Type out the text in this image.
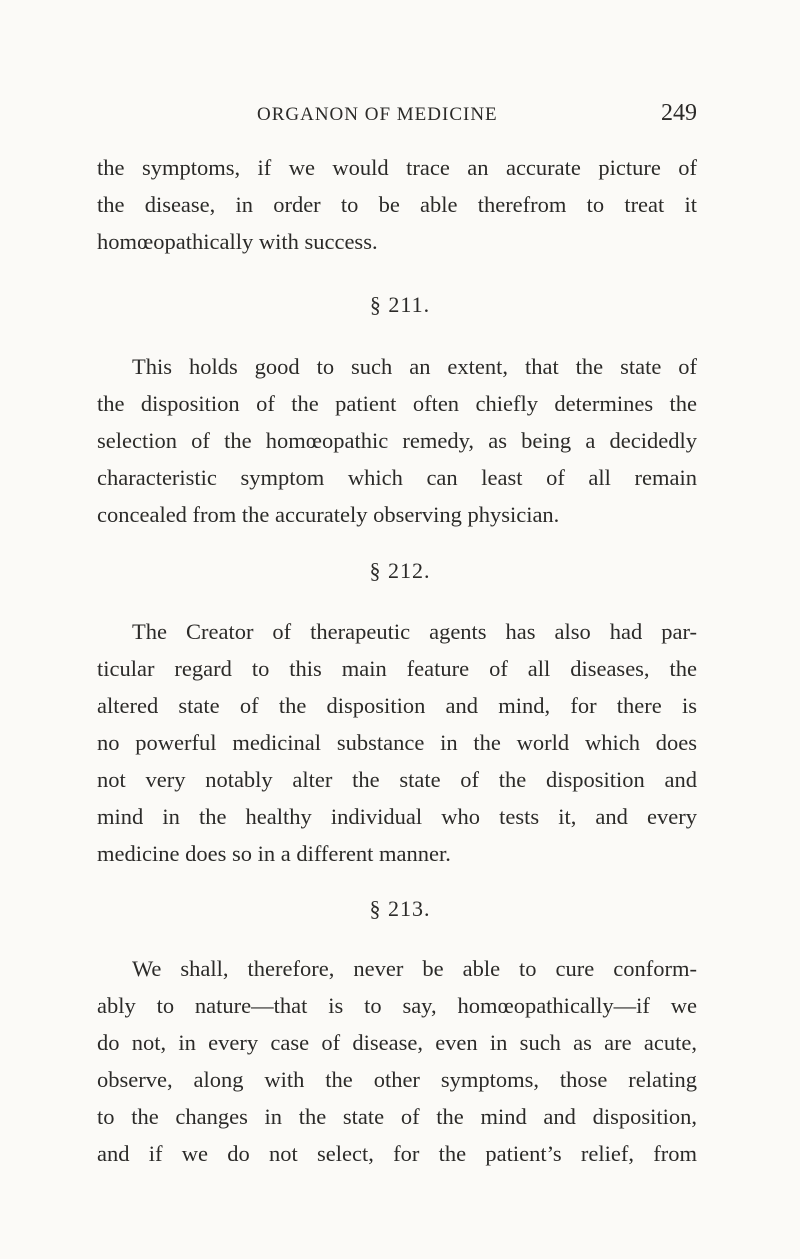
ORGANON OF MEDICINE	249
the symptoms, if we would trace an accurate picture of
the disease, in order to be able therefrom to treat it
homœopathically with success.
§ 211.
This holds good to such an extent, that the state of
the disposition of the patient often chiefly determines the
selection of the homœopathic remedy, as being a decidedly
characteristic symptom which can least of all remain
concealed from the accurately observing physician.
§ 212.
The Creator of therapeutic agents has also had par-
ticular regard to this main feature of all diseases, the
altered state of the disposition and mind, for there is
no powerful medicinal substance in the world which does
not very notably alter the state of the disposition and
mind in the healthy individual who tests it, and every
medicine does so in a different manner.
§ 213.
We shall, therefore, never be able to cure conform-
ably to nature—that is to say, homœopathically—if we
do not, in every case of disease, even in such as are acute,
observe, along with the other symptoms, those relating
to the changes in the state of the mind and disposition,
and if we do not select, for the patient’s relief, from
